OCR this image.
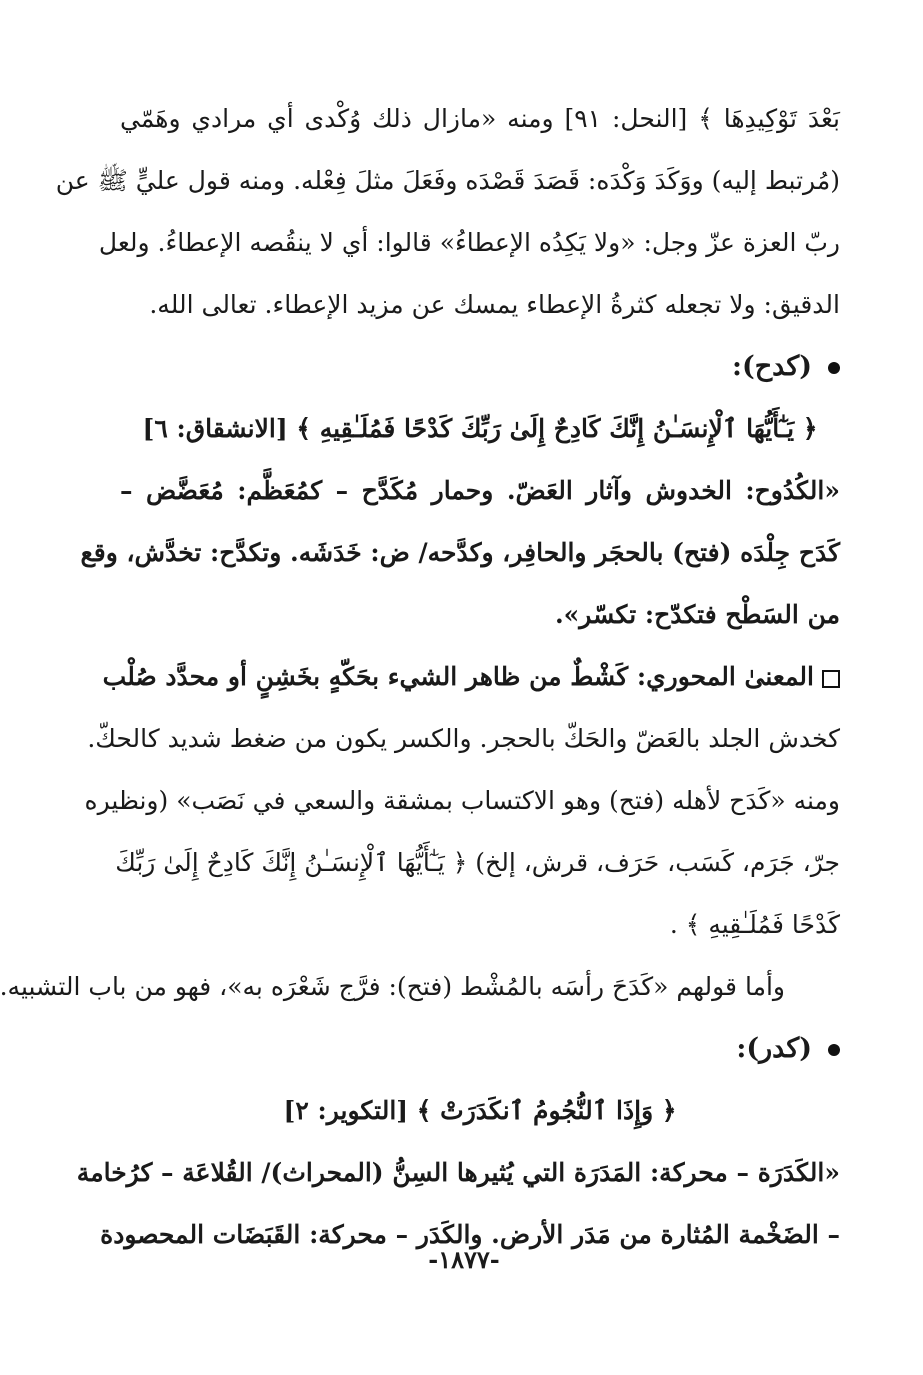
بَعْدَ تَوْكِيدِهَا ﴾ [النحل: ٩١] ومنه «مازال ذلك وُكْدى أي مرادي وهَمّي
(مُرتبط إليه) ووَكَدَ وَكْدَه: قَصَدَ قَصْدَه وفَعَلَ مثلَ فِعْله. ومنه قول عليٍّ ﷺ عن
ربّ العزة عزّ وجل: «ولا يَكِدُه الإعطاءُ» قالوا: أي لا ينقُصه الإعطاءُ. ولعل
الدقيق: ولا تجعله كثرةُ الإعطاء يمسك عن مزيد الإعطاء. تعالى الله.
(كدح):
﴿ يَـٰٓأَيُّهَا ٱلْإِنسَـٰنُ إِنَّكَ كَادِحٌ إِلَىٰ رَبِّكَ كَدْحًا فَمُلَـٰقِيهِ ﴾ [الانشقاق: ٦]
«الكُدُوح: الخدوش وآثار العَضّ. وحمار مُكَدَّح – كمُعَظَّم: مُعَضَّض –
كَدَح جِلْدَه (فتح) بالحجَر والحافِر، وكدَّحه/ ض: خَدَشَه. وتكدَّح: تخدَّش، وقع
من السَطْح فتكدّح: تكسّر».
المعنىٰ المحوري: كَشْطٌ من ظاهر الشيء بحَكّهٍ بخَشِنٍ أو محدَّد صُلْب
كخدش الجلد بالعَضّ والحَكّ بالحجر. والكسر يكون من ضغط شديد كالحكّ.
ومنه «كَدَح لأهله (فتح) وهو الاكتساب بمشقة والسعي في نَصَب» (ونظيره
جرّ، جَرَم، كَسَب، حَرَف، قرش، إلخ) ﴿ يَـٰٓأَيُّهَا ٱلْإِنسَـٰنُ إِنَّكَ كَادِحٌ إِلَىٰ رَبِّكَ
كَدْحًا فَمُلَـٰقِيهِ ﴾ .
وأما قولهم «كَدَحَ رأسَه بالمُشْط (فتح): فرَّج شَعْرَه به»، فهو من باب التشبيه.
(كدر):
﴿ وَإِذَا ٱلنُّجُومُ ٱنكَدَرَتْ ﴾ [التكوير: ٢]
«الكَدَرَة – محركة: المَدَرَة التي يُثيرها السِنُّ (المحراث)/ القُلاعَة – كرُخامة
– الضَخْمة المُثارة من مَدَر الأرض. والكَدَر – محركة: القَبَضَات المحصودة
-١٨٧٧-
